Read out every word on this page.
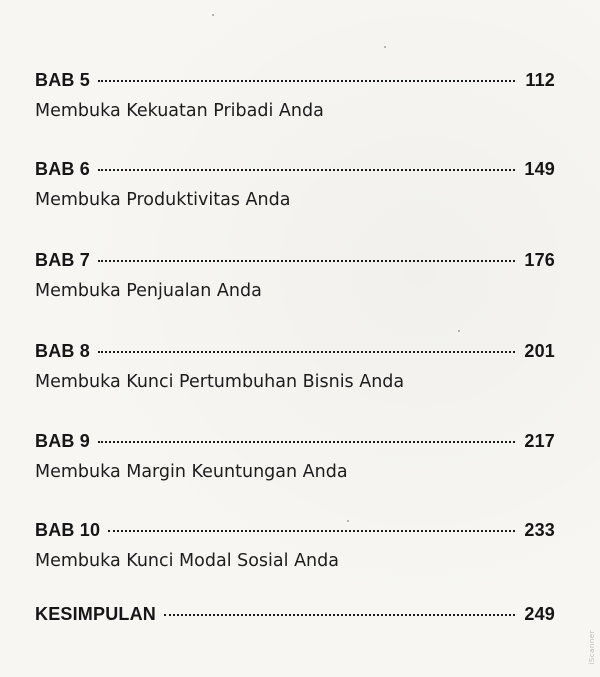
BAB 5	112
Membuka Kekuatan Pribadi Anda
BAB 6	149
Membuka Produktivitas Anda
BAB 7	176
Membuka Penjualan Anda
BAB 8	201
Membuka Kunci Pertumbuhan Bisnis Anda
BAB 9	217
Membuka Margin Keuntungan Anda
BAB 10	233
Membuka Kunci Modal Sosial Anda
KESIMPULAN	249
iScanner
